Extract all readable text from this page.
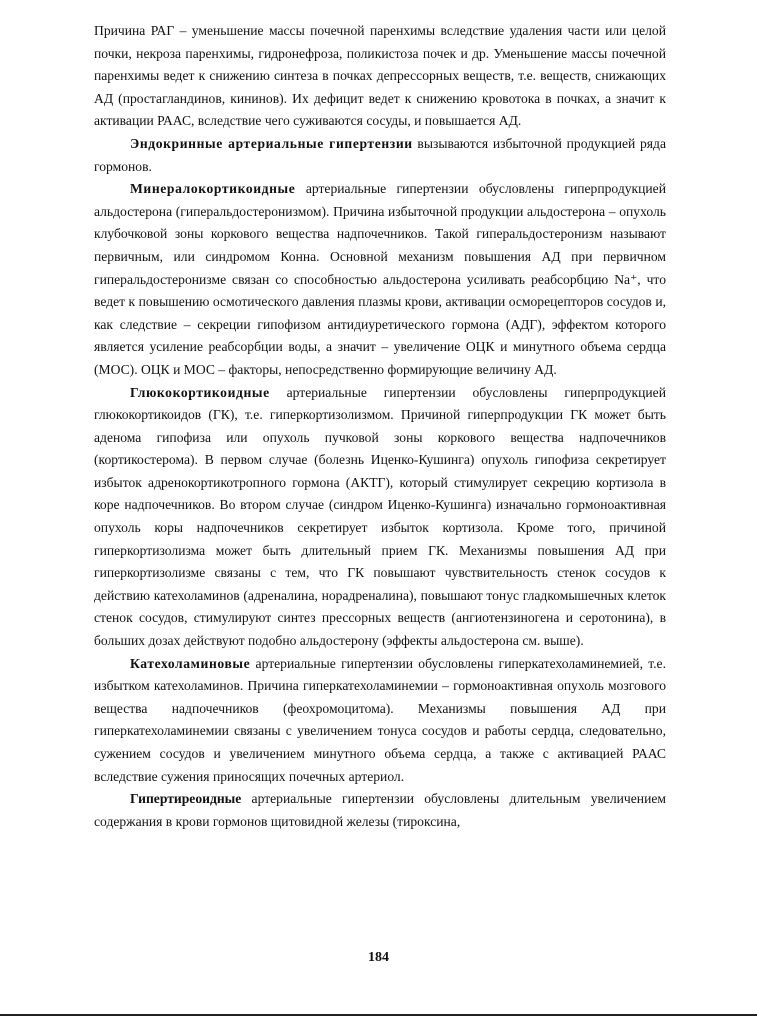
Причина РАГ – уменьшение массы почечной паренхимы вследствие удаления части или целой почки, некроза паренхимы, гидронефроза, поликистоза почек и др. Уменьшение массы почечной паренхимы ведет к снижению синтеза в почках депрессорных веществ, т.е. веществ, снижающих АД (простагландинов, кининов). Их дефицит ведет к снижению кровотока в почках, а значит к активации РААС, вследствие чего суживаются сосуды, и повышается АД.

Эндокринные артериальные гипертензии вызываются избыточной продукцией ряда гормонов.

Минералокортикоидные артериальные гипертензии обусловлены гиперпродукцией альдостерона (гиперальдостеронизмом). Причина избыточной продукции альдостерона – опухоль клубочковой зоны коркового вещества надпочечников. Такой гиперальдостеронизм называют первичным, или синдромом Конна. Основной механизм повышения АД при первичном гиперальдостеронизме связан со способностью альдостерона усиливать реабсорбцию Na⁺, что ведет к повышению осмотического давления плазмы крови, активации осморецепторов сосудов и, как следствие – секреции гипофизом антидиуретического гормона (АДГ), эффектом которого является усиление реабсорбции воды, а значит – увеличение ОЦК и минутного объема сердца (МОС). ОЦК и МОС – факторы, непосредственно формирующие величину АД.

Глюкокортикоидные артериальные гипертензии обусловлены гиперпродукцией глюкокортикоидов (ГК), т.е. гиперкортизолизмом. Причиной гиперпродукции ГК может быть аденома гипофиза или опухоль пучковой зоны коркового вещества надпочечников (кортикостерома). В первом случае (болезнь Иценко-Кушинга) опухоль гипофиза секретирует избыток адренокортикотропного гормона (АКТГ), который стимулирует секрецию кортизола в коре надпочечников. Во втором случае (синдром Иценко-Кушинга) изначально гормоноактивная опухоль коры надпочечников секретирует избыток кортизола. Кроме того, причиной гиперкортизолизма может быть длительный прием ГК. Механизмы повышения АД при гиперкортизолизме связаны с тем, что ГК повышают чувствительность стенок сосудов к действию катехоламинов (адреналина, норадреналина), повышают тонус гладкомышечных клеток стенок сосудов, стимулируют синтез прессорных веществ (ангиотензиногена и серотонина), в больших дозах действуют подобно альдостерону (эффекты альдостерона см. выше).

Катехоламиновые артериальные гипертензии обусловлены гиперкатехоламинемией, т.е. избытком катехоламинов. Причина гиперкатехоламинемии – гормоноактивная опухоль мозгового вещества надпочечников (феохромоцитома). Механизмы повышения АД при гиперкатехоламинемии связаны с увеличением тонуса сосудов и работы сердца, следовательно, сужением сосудов и увеличением минутного объема сердца, а также с активацией РААС вследствие сужения приносящих почечных артериол.

Гипертиреоидные артериальные гипертензии обусловлены длительным увеличением содержания в крови гормонов щитовидной железы (тироксина,

184
